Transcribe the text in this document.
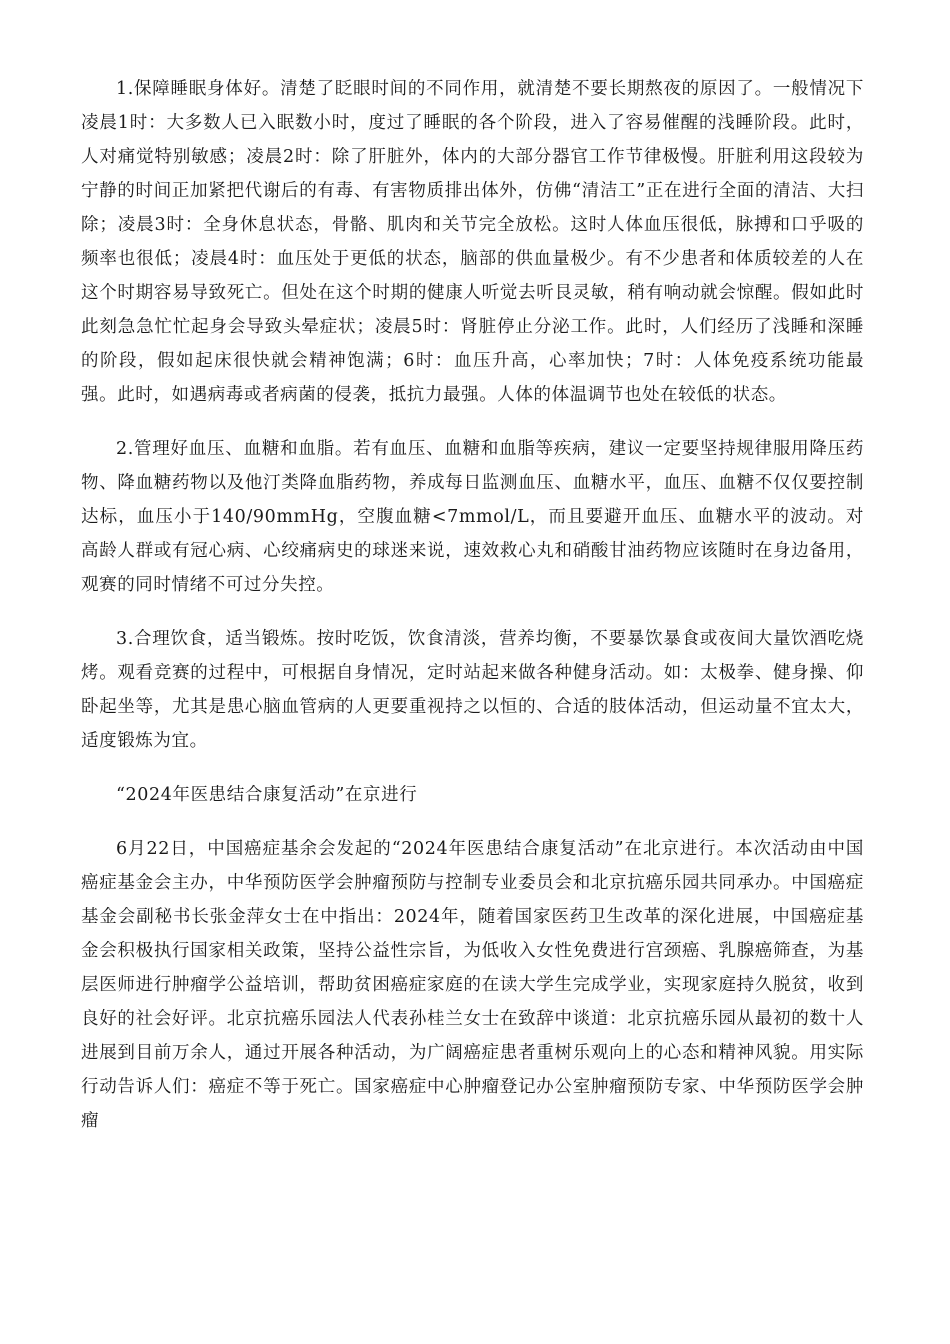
1.保障睡眠身体好。清楚了眨眼时间的不同作用，就清楚不要长期熬夜的原因了。一般情况下凌晨1时：大多数人已入眠数小时，度过了睡眠的各个阶段，进入了容易催醒的浅睡阶段。此时，人对痛觉特别敏感；凌晨2时：除了肝脏外，体内的大部分器官工作节律极慢。肝脏利用这段较为宁静的时间正加紧把代谢后的有毒、有害物质排出体外，仿佛“清洁工”正在进行全面的清洁、大扫除；凌晨3时：全身休息状态，骨骼、肌肉和关节完全放松。这时人体血压很低，脉搏和口乎吸的频率也很低；凌晨4时：血压处于更低的状态，脑部的供血量极少。有不少患者和体质较差的人在这个时期容易导致死亡。但处在这个时期的健康人听觉去听艮灵敏，稍有响动就会惊醒。假如此时此刻急急忙忙起身会导致头晕症状；凌晨5时：肾脏停止分泌工作。此时，人们经历了浅睡和深睡的阶段，假如起床很快就会精神饱满；6时：血压升高，心率加快；7时：人体免疫系统功能最强。此时，如遇病毒或者病菌的侵袭，抵抗力最强。人体的体温调节也处在较低的状态。

2.管理好血压、血糖和血脂。若有血压、血糖和血脂等疾病，建议一定要坚持规律服用降压药物、降血糖药物以及他汀类降血脂药物，养成每日监测血压、血糖水平，血压、血糖不仅仅要控制达标，血压小于140/90mmHg，空腹血糖<7mmol/L，而且要避开血压、血糖水平的波动。对高龄人群或有冠心病、心绞痛病史的球迷来说，速效救心丸和硝酸甘油药物应该随时在身边备用，观赛的同时情绪不可过分失控。

3.合理饮食，适当锻炼。按时吃饭，饮食清淡，营养均衡，不要暴饮暴食或夜间大量饮酒吃烧烤。观看竞赛的过程中，可根据自身情况，定时站起来做各种健身活动。如：太极拳、健身操、仰卧起坐等，尤其是患心脑血管病的人更要重视持之以恒的、合适的肢体活动，但运动量不宜太大，适度锻炼为宜。

“2024年医患结合康复活动”在京进行

6月22日，中国癌症基余会发起的“2024年医患结合康复活动”在北京进行。本次活动由中国癌症基金会主办，中华预防医学会肿瘤预防与控制专业委员会和北京抗癌乐园共同承办。中国癌症基金会副秘书长张金萍女士在中指出：2024年，随着国家医药卫生改革的深化进展，中国癌症基金会积极执行国家相关政策，坚持公益性宗旨，为低收入女性免费进行宫颈癌、乳腺癌筛查，为基层医师进行肿瘤学公益培训，帮助贫困癌症家庭的在读大学生完成学业，实现家庭持久脱贫，收到良好的社会好评。北京抗癌乐园法人代表孙桂兰女士在致辞中谈道：北京抗癌乐园从最初的数十人进展到目前万余人，通过开展各种活动，为广阔癌症患者重树乐观向上的心态和精神风貌。用实际行动告诉人们：癌症不等于死亡。国家癌症中心肿瘤登记办公室肿瘤预防专家、中华预防医学会肿瘤
